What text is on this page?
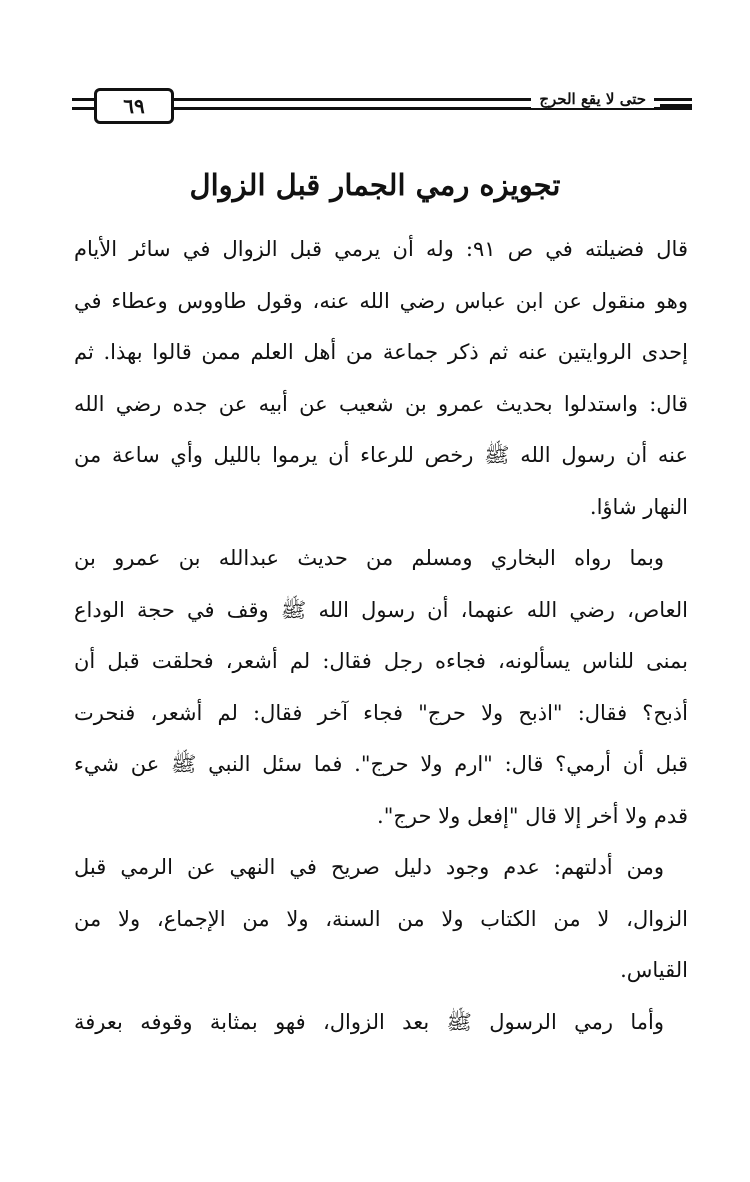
٦٩	حتى لا يقع الحرج
تجويزه رمي الجمار قبل الزوال
قال فضيلته في ص ٩١: وله أن يرمي قبل الزوال في سائر الأيام
وهو منقول عن ابن عباس رضي الله عنه، وقول طاووس وعطاء في
إحدى الروايتين عنه ثم ذكر جماعة من أهل العلم ممن قالوا بهذا. ثم
قال: واستدلوا بحديث عمرو بن شعيب عن أبيه عن جده رضي الله
عنه أن رسول الله ﷺ رخص للرعاء أن يرموا بالليل وأي ساعة من
النهار شاؤا.
وبما رواه البخاري ومسلم من حديث عبدالله بن عمرو بن
العاص، رضي الله عنهما، أن رسول الله ﷺ وقف في حجة الوداع
بمنى للناس يسألونه، فجاءه رجل فقال: لم أشعر، فحلقت قبل أن
أذبح؟ فقال: "اذبح ولا حرج" فجاء آخر فقال: لم أشعر، فنحرت
قبل أن أرمي؟ قال: "ارم ولا حرج". فما سئل النبي ﷺ عن شيء
قدم ولا أخر إلا قال "إفعل ولا حرج".
ومن أدلتهم: عدم وجود دليل صريح في النهي عن الرمي قبل
الزوال، لا من الكتاب ولا من السنة، ولا من الإجماع، ولا من
القياس.
وأما رمي الرسول ﷺ بعد الزوال، فهو بمثابة وقوفه بعرفة
